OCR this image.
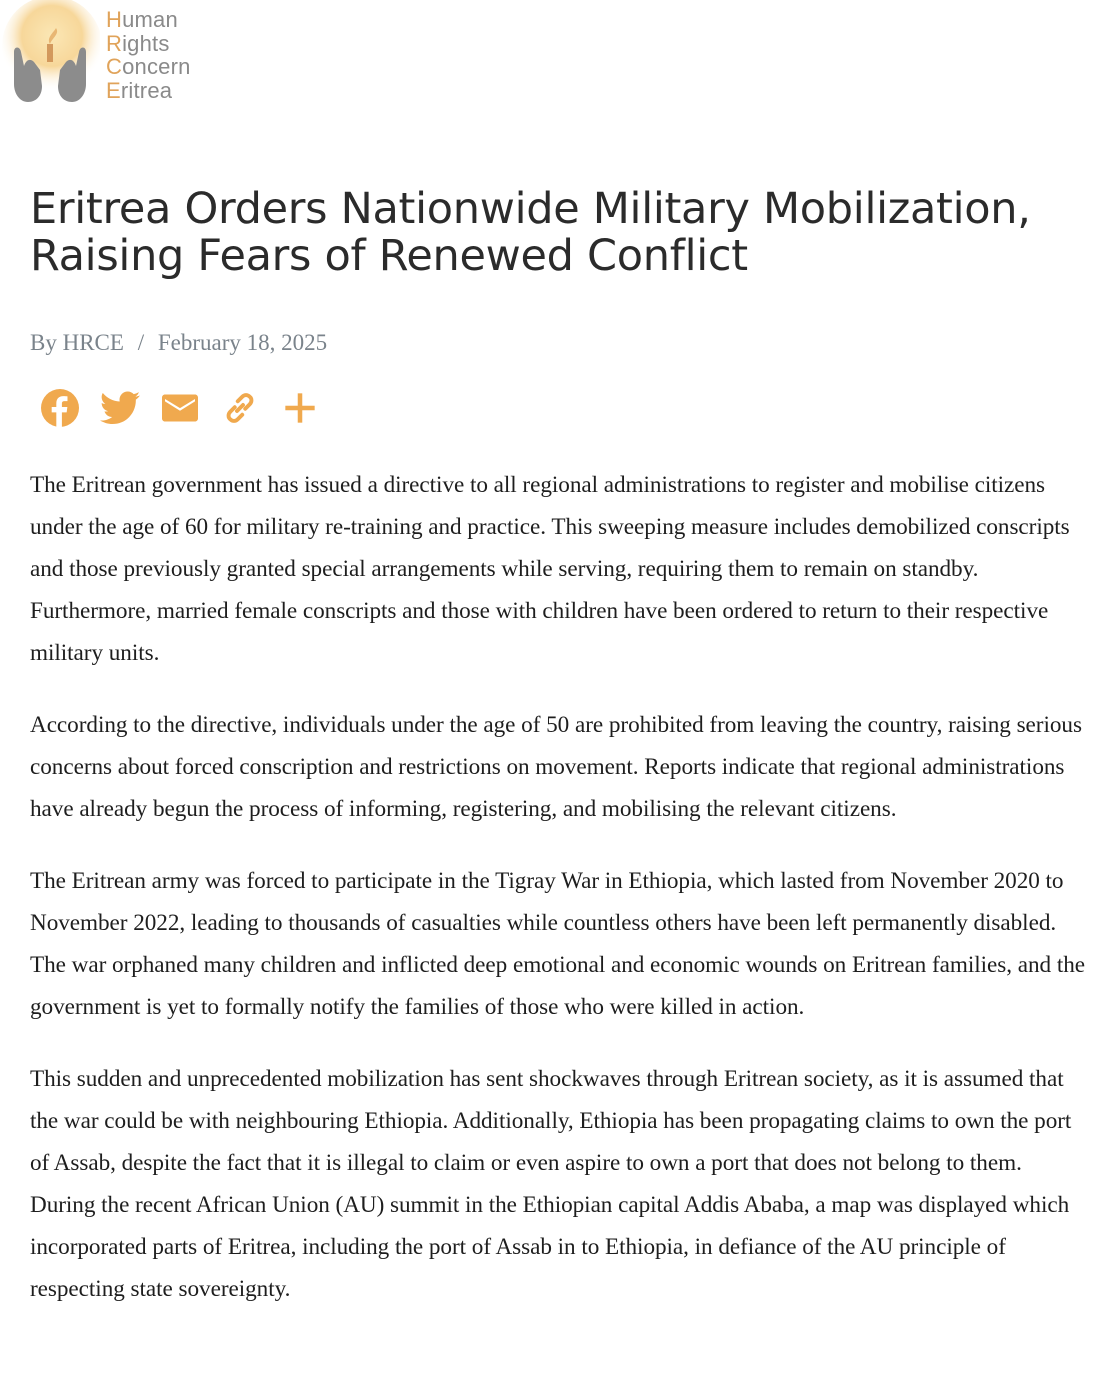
Human
Rights
Concern
Eritrea
Eritrea Orders Nationwide Military Mobilization,
Raising Fears of Renewed Conflict
By HRCE / February 18, 2025

The Eritrean government has issued a directive to all regional administrations to register and mobilise citizens under the age of 60 for military re-training and practice. This sweeping measure includes demobilized conscripts and those previously granted special arrangements while serving, requiring them to remain on standby. Furthermore, married female conscripts and those with children have been ordered to return to their respective military units.

According to the directive, individuals under the age of 50 are prohibited from leaving the country, raising serious concerns about forced conscription and restrictions on movement. Reports indicate that regional administrations have already begun the process of informing, registering, and mobilising the relevant citizens.

The Eritrean army was forced to participate in the Tigray War in Ethiopia, which lasted from November 2020 to November 2022, leading to thousands of casualties while countless others have been left permanently disabled. The war orphaned many children and inflicted deep emotional and economic wounds on Eritrean families, and the government is yet to formally notify the families of those who were killed in action.

This sudden and unprecedented mobilization has sent shockwaves through Eritrean society, as it is assumed that the war could be with neighbouring Ethiopia. Additionally, Ethiopia has been propagating claims to own the port of Assab, despite the fact that it is illegal to claim or even aspire to own a port that does not belong to them. During the recent African Union (AU) summit in the Ethiopian capital Addis Ababa, a map was displayed which incorporated parts of Eritrea, including the port of Assab in to Ethiopia, in defiance of the AU principle of respecting state sovereignty.
